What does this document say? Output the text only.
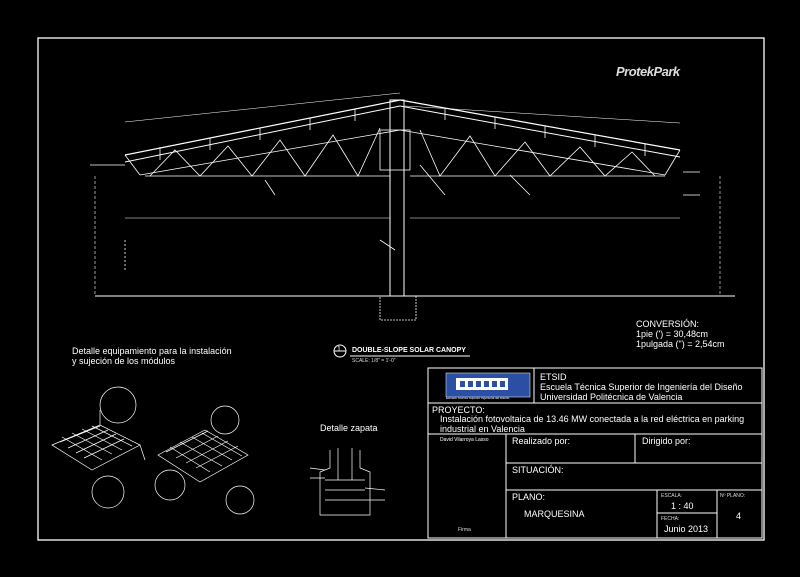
ProtekPark
CONVERSIÓN:
1pie (') = 30,48cm
1pulgada (") = 2,54cm
Detalle equipamiento para la instalación
y sujeción de los módulos
Detalle zapata
1 DOUBLE-SLOPE SOLAR CANOPY
SCALE: 1/8" = 1'-0"
Escuela Técnica Superior Ingeniería del Diseño
ETSID
Escuela Técnica Superior de Ingeniería del Diseño
Universidad Politécnica de Valencia
PROYECTO:
Instalación fotovoltaica de 13.46 MW conectada a la red eléctrica en parking
industrial en Valencia
David Vilarroya Lasso
Firma
Realizado por:	Dirigido por:
SITUACIÓN:
PLANO:
MARQUESINA
ESCALA:
1 : 40
FECHA:
Junio 2013
Nº PLANO:
4
